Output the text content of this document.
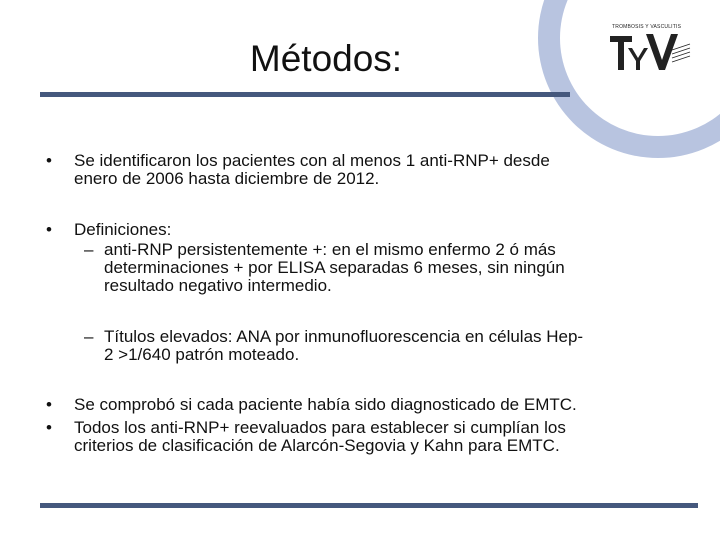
TROMBOSIS Y VASCULITIS
Métodos:
• Se identificaron los pacientes con al menos 1 anti-RNP+ desde
enero de 2006 hasta diciembre de 2012.
• Definiciones:
– anti-RNP persistentemente +: en el mismo enfermo 2 ó más
determinaciones + por ELISA separadas 6 meses, sin ningún
resultado negativo intermedio.
– Títulos elevados: ANA por inmunofluorescencia en células Hep-
2 >1/640 patrón moteado.
• Se comprobó si cada paciente había sido diagnosticado de EMTC.
• Todos los anti-RNP+ reevaluados para establecer si cumplían los
criterios de clasificación de Alarcón-Segovia y Kahn para EMTC.
